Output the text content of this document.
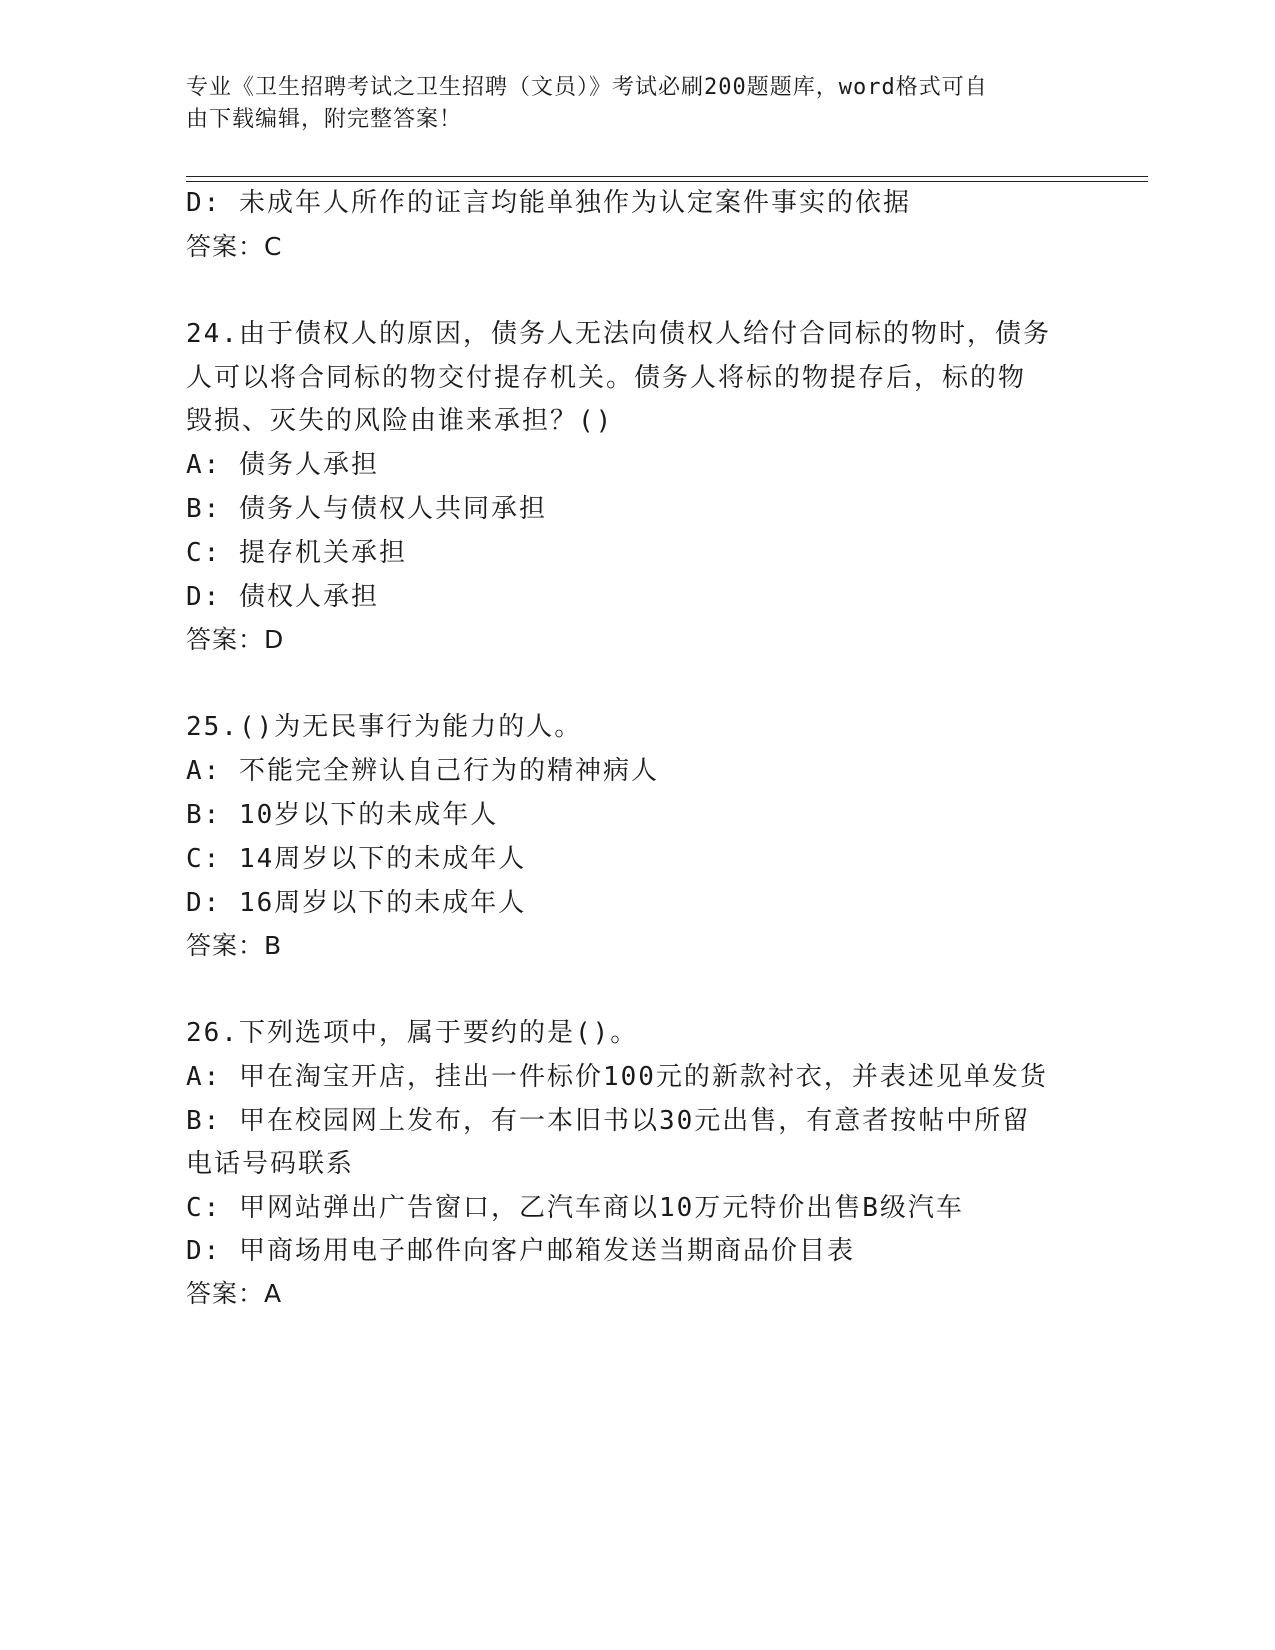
专业《卫生招聘考试之卫生招聘（文员）》考试必刷200题题库，word格式可自
由下载编辑，附完整答案！
D: 未成年人所作的证言均能单独作为认定案件事实的依据
答案：C
24.由于债权人的原因，债务人无法向债权人给付合同标的物时，债务
人可以将合同标的物交付提存机关。债务人将标的物提存后，标的物
毁损、灭失的风险由谁来承担？()
A: 债务人承担
B: 债务人与债权人共同承担
C: 提存机关承担
D: 债权人承担
答案：D
25.()为无民事行为能力的人。
A: 不能完全辨认自己行为的精神病人
B: 10岁以下的未成年人
C: 14周岁以下的未成年人
D: 16周岁以下的未成年人
答案：B
26.下列选项中，属于要约的是()。
A: 甲在淘宝开店，挂出一件标价100元的新款衬衣，并表述见单发货
B: 甲在校园网上发布，有一本旧书以30元出售，有意者按帖中所留
电话号码联系
C: 甲网站弹出广告窗口，乙汽车商以10万元特价出售B级汽车
D: 甲商场用电子邮件向客户邮箱发送当期商品价目表
答案：A
